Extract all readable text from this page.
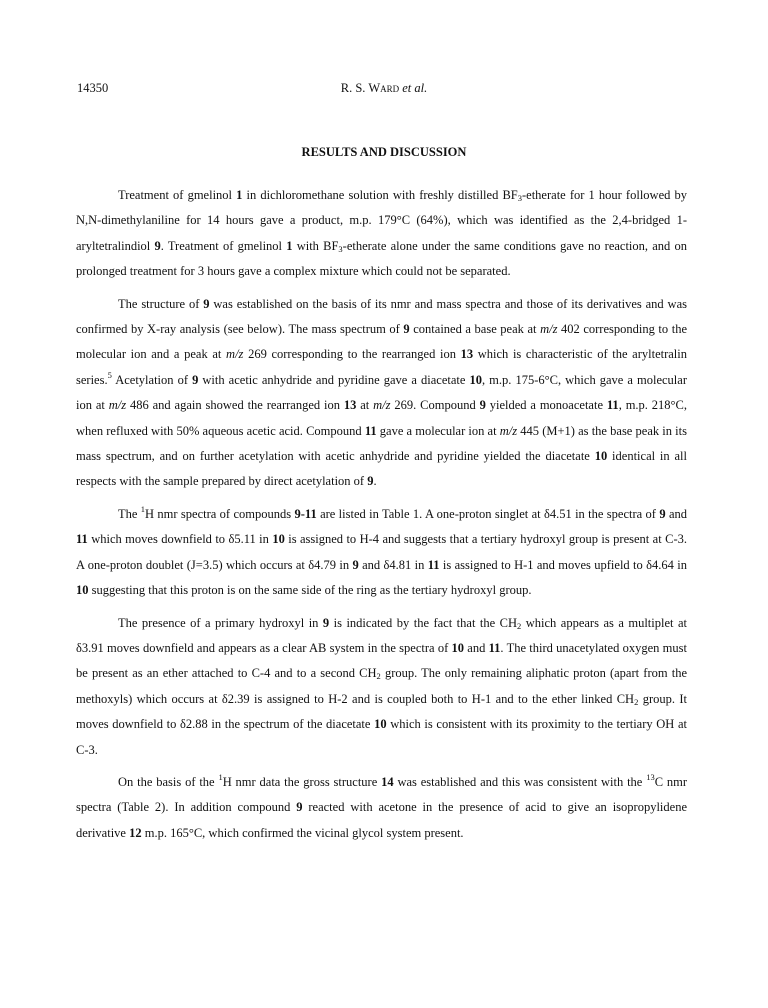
14350	R. S. Ward et al.
RESULTS AND DISCUSSION

Treatment of gmelinol 1 in dichloromethane solution with freshly distilled $BF_3$-etherate for 1 hour followed by N,N-dimethylaniline for 14 hours gave a product, m.p. 179°C (64%), which was identified as the 2,4-bridged 1-aryltetralindiol 9. Treatment of gmelinol 1 with $BF_3$-etherate alone under the same conditions gave no reaction, and on prolonged treatment for 3 hours gave a complex mixture which could not be separated.

The structure of 9 was established on the basis of its nmr and mass spectra and those of its derivatives and was confirmed by X-ray analysis (see below). The mass spectrum of 9 contained a base peak at m/z 402 corresponding to the molecular ion and a peak at m/z 269 corresponding to the rearranged ion 13 which is characteristic of the aryltetralin series.$^5$ Acetylation of 9 with acetic anhydride and pyridine gave a diacetate 10, m.p. 175-6°C, which gave a molecular ion at m/z 486 and again showed the rearranged ion 13 at m/z 269. Compound 9 yielded a monoacetate 11, m.p. 218°C, when refluxed with 50% aqueous acetic acid. Compound 11 gave a molecular ion at m/z 445 (M+1) as the base peak in its mass spectrum, and on further acetylation with acetic anhydride and pyridine yielded the diacetate 10 identical in all respects with the sample prepared by direct acetylation of 9.

The $^1$H nmr spectra of compounds 9-11 are listed in Table 1. A one-proton singlet at δ4.51 in the spectra of 9 and 11 which moves downfield to δ5.11 in 10 is assigned to H-4 and suggests that a tertiary hydroxyl group is present at C-3. A one-proton doublet (J=3.5) which occurs at δ4.79 in 9 and δ4.81 in 11 is assigned to H-1 and moves upfield to δ4.64 in 10 suggesting that this proton is on the same side of the ring as the tertiary hydroxyl group.

The presence of a primary hydroxyl in 9 is indicated by the fact that the $CH_2$ which appears as a multiplet at δ3.91 moves downfield and appears as a clear AB system in the spectra of 10 and 11. The third unacetylated oxygen must be present as an ether attached to C-4 and to a second $CH_2$ group. The only remaining aliphatic proton (apart from the methoxyls) which occurs at δ2.39 is assigned to H-2 and is coupled both to H-1 and to the ether linked $CH_2$ group. It moves downfield to δ2.88 in the spectrum of the diacetate 10 which is consistent with its proximity to the tertiary OH at C-3.

On the basis of the $^1$H nmr data the gross structure 14 was established and this was consistent with the $^{13}$C nmr spectra (Table 2). In addition compound 9 reacted with acetone in the presence of acid to give an isopropylidene derivative 12 m.p. 165°C, which confirmed the vicinal glycol system present.
